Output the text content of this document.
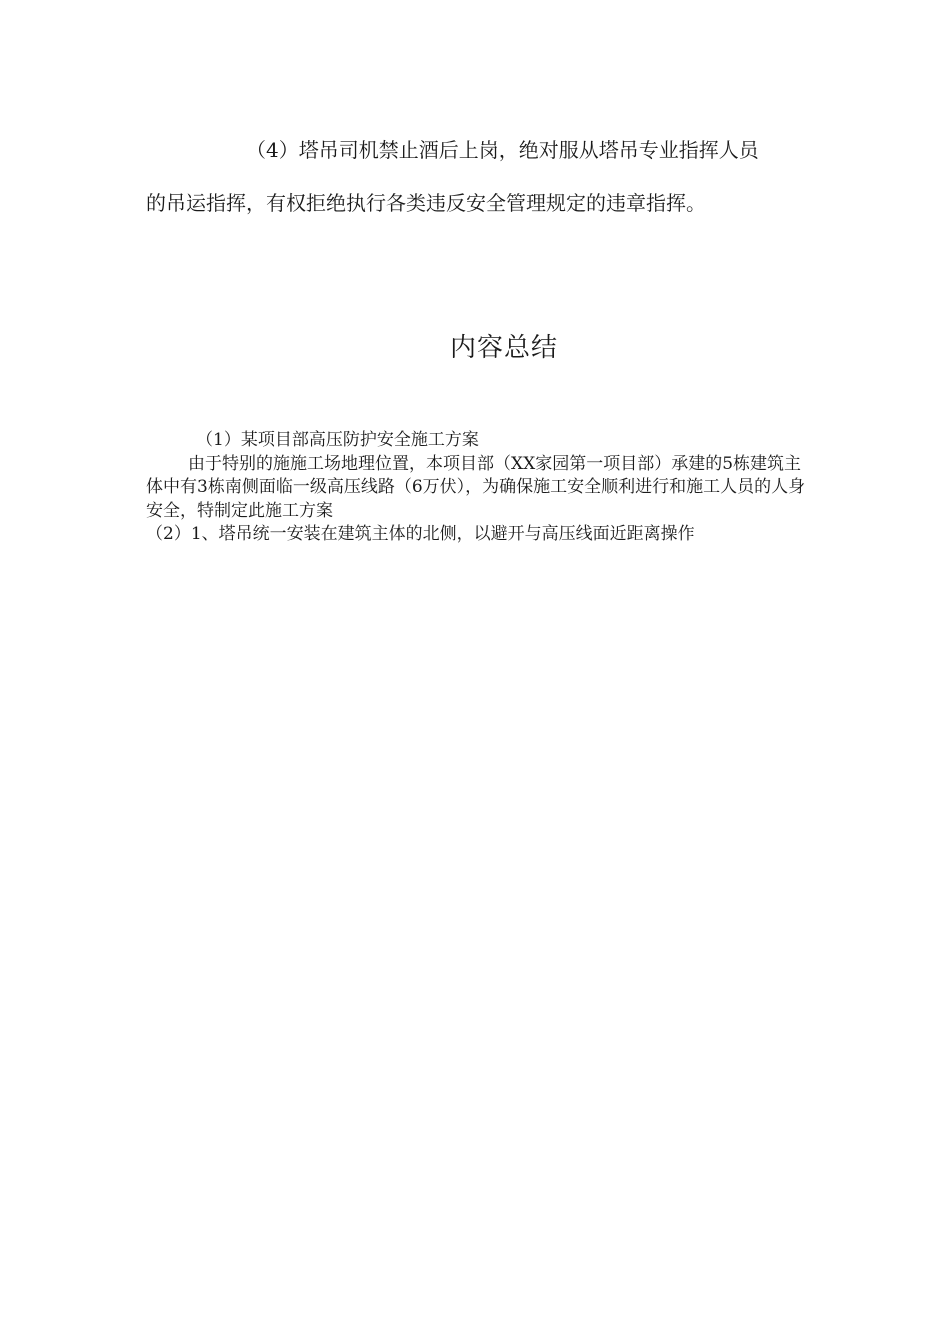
（4）塔吊司机禁止酒后上岗，绝对服从塔吊专业指挥人员
的吊运指挥，有权拒绝执行各类违反安全管理规定的违章指挥。
内容总结
（1）某项目部高压防护安全施工方案
由于特别的施施工场地理位置，本项目部（XX家园第一项目部）承建的5栋建筑主体中有3栋南侧面临一级高压线路（6万伏），为确保施工安全顺利进行和施工人员的人身安全，特制定此施工方案
（2）1、塔吊统一安装在建筑主体的北侧，以避开与高压线面近距离操作
